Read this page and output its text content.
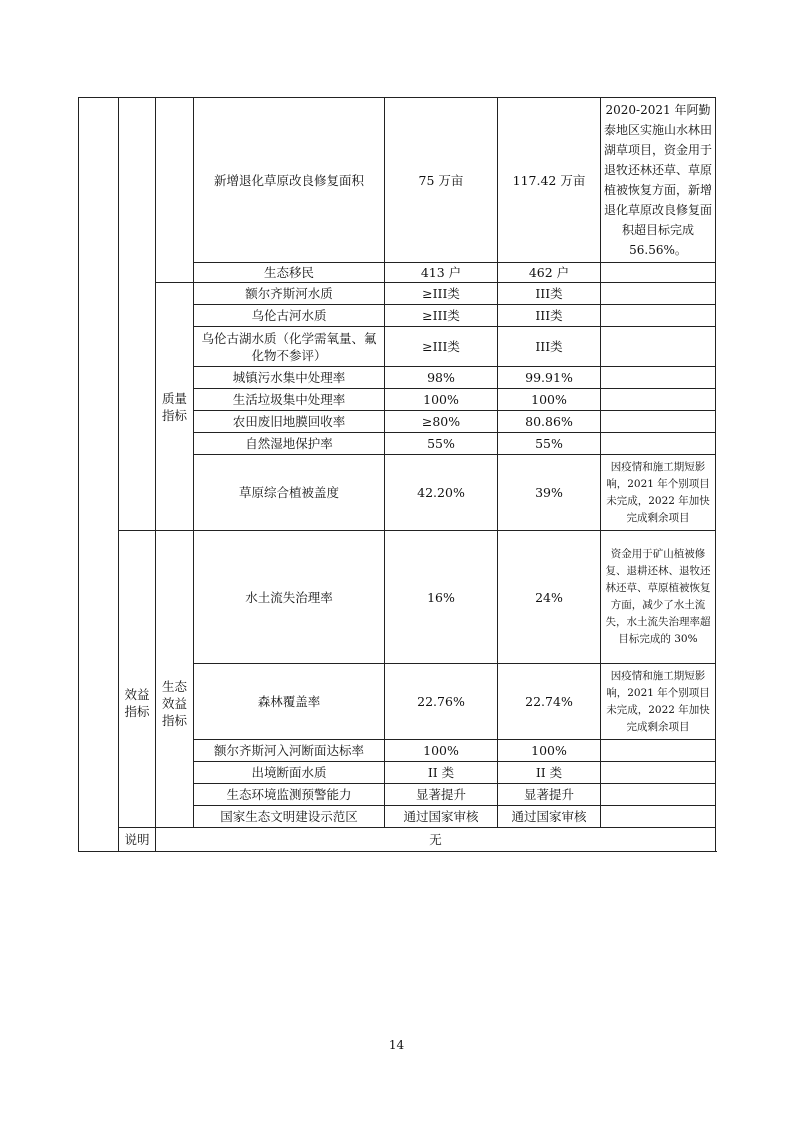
			新增退化草原改良修复面积	75 万亩	117.42 万亩	2020-2021 年阿勤泰地区实施山水林田湖草项目，资金用于退牧还林还草、草原植被恢复方面，新增退化草原改良修复面积超目标完成 56.56%。
			生态移民	413 户	462 户	
		质量指标	额尔齐斯河水质	≥III类	III类	
			乌伦古河水质	≥III类	III类	
			乌伦古湖水质（化学需氧量、氟化物不参评）	≥III类	III类	
			城镇污水集中处理率	98%	99.91%	
			生活垃圾集中处理率	100%	100%	
			农田废旧地膜回收率	≥80%	80.86%	
			自然湿地保护率	55%	55%	
			草原综合植被盖度	42.20%	39%	因疫情和施工期短影响，2021 年个别项目未完成，2022 年加快完成剩余项目
	效益指标	生态效益指标	水土流失治理率	16%	24%	资金用于矿山植被修复、退耕还林、退牧还林还草、草原植被恢复方面，减少了水土流失，水土流失治理率超目标完成的 30%
			森林覆盖率	22.76%	22.74%	因疫情和施工期短影响，2021 年个别项目未完成，2022 年加快完成剩余项目
			额尔齐斯河入河断面达标率	100%	100%	
			出境断面水质	II 类	II 类	
			生态环境监测预警能力	显著提升	显著提升	
			国家生态文明建设示范区	通过国家审核	通过国家审核	
	说明	无				
14
